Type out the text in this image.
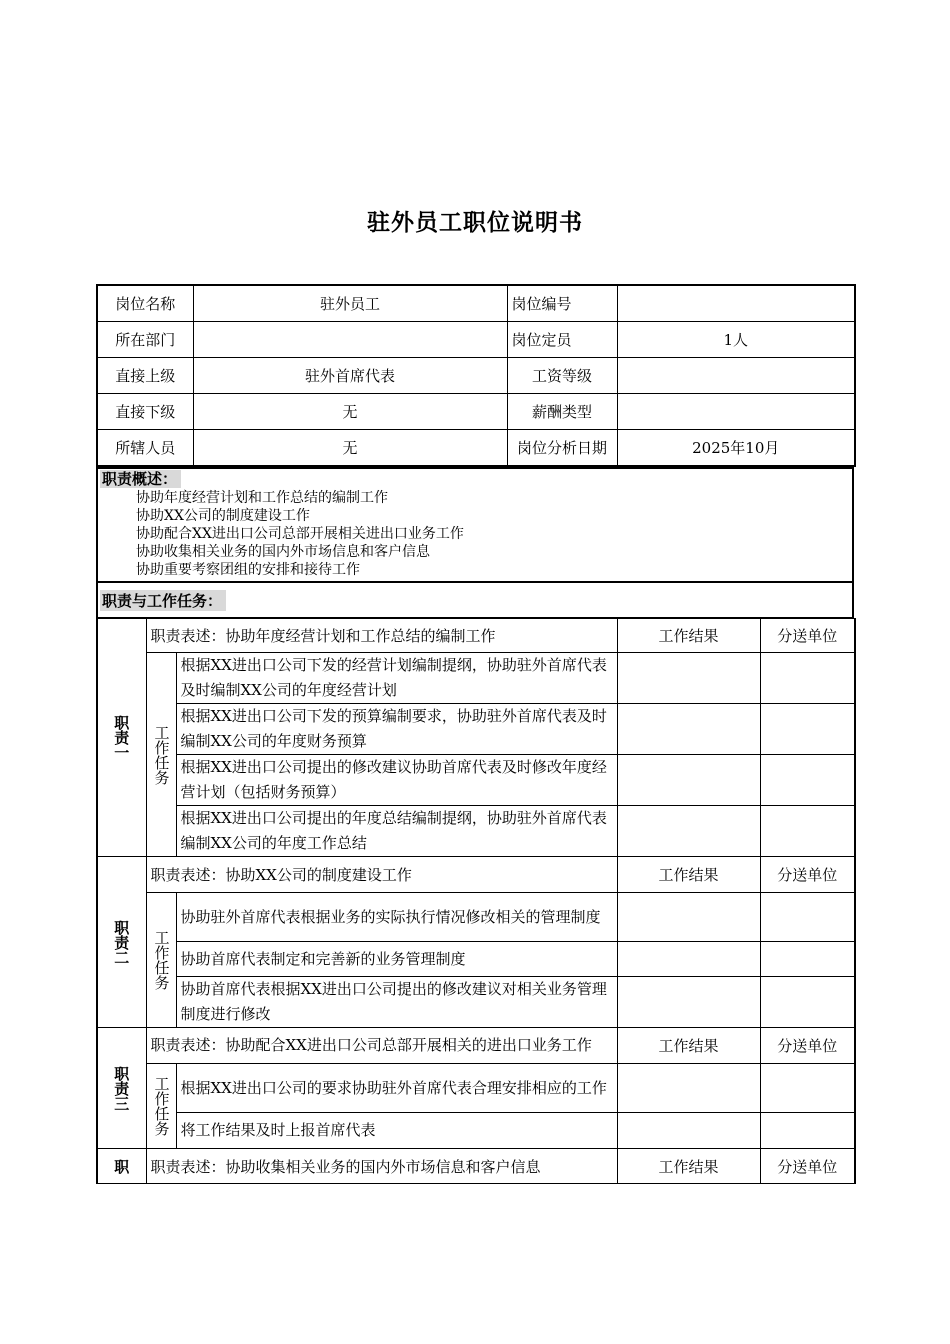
驻外员工职位说明书
岗位名称	驻外员工	岗位编号	
所在部门		岗位定员	1人
直接上级	驻外首席代表	工资等级	
直接下级	无	薪酬类型	
所辖人员	无	岗位分析日期	2025年10月
职责概述：
协助年度经营计划和工作总结的编制工作
协助XX公司的制度建设工作
协助配合XX进出口公司总部开展相关进出口业务工作
协助收集相关业务的国内外市场信息和客户信息
协助重要考察团组的安排和接待工作
职责与工作任务：
职责一	职责表述：协助年度经营计划和工作总结的编制工作		工作结果	分送单位

	工作任务	根据XX进出口公司下发的经营计划编制提纲，协助驻外首席代表及时编制XX公司的年度经营计划		
		根据XX进出口公司下发的预算编制要求，协助驻外首席代表及时编制XX公司的年度财务预算		
		根据XX进出口公司提出的修改建议协助首席代表及时修改年度经营计划（包括财务预算）		
		根据XX进出口公司提出的年度总结编制提纲，协助驻外首席代表编制XX公司的年度工作总结		

职责二	职责表述：协助XX公司的制度建设工作		工作结果	分送单位

	工作任务	协助驻外首席代表根据业务的实际执行情况修改相关的管理制度		
		协助首席代表制定和完善新的业务管理制度		
		协助首席代表根据XX进出口公司提出的修改建议对相关业务管理制度进行修改		

职责三	职责表述：协助配合XX进出口公司总部开展相关的进出口业务工作		工作结果	分送单位

	工作任务	根据XX进出口公司的要求协助驻外首席代表合理安排相应的工作		
		将工作结果及时上报首席代表		
职	职责表述：协助收集相关业务的国内外市场信息和客户信息		工作结果	分送单位
